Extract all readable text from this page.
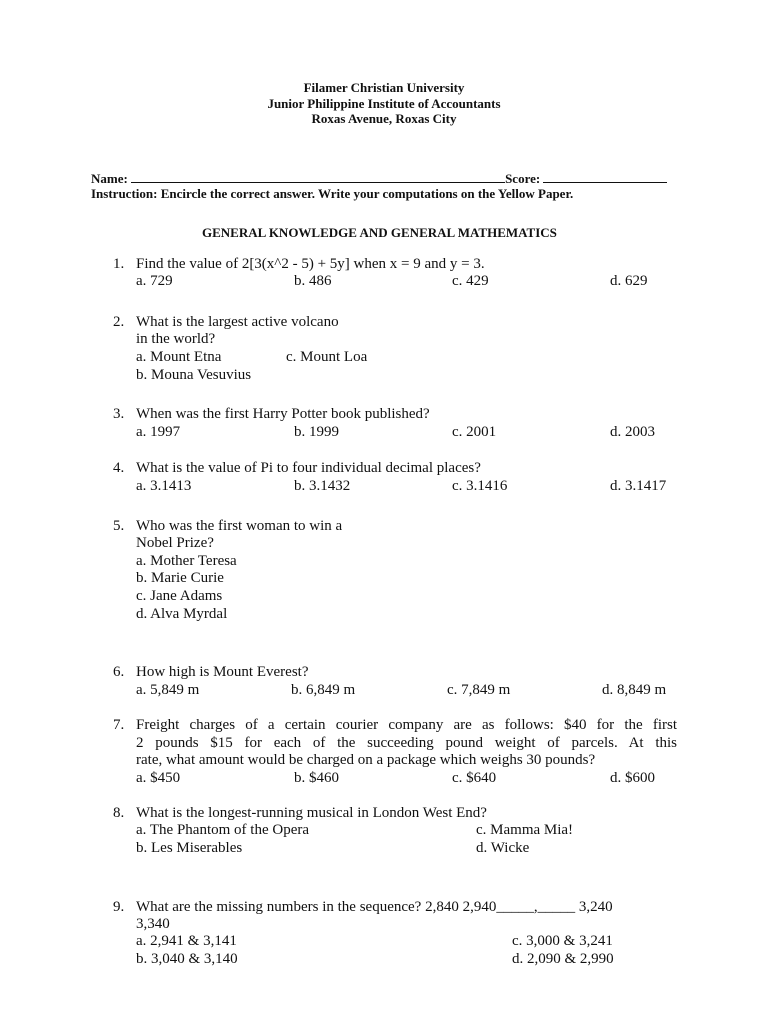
Filamer Christian University
Junior Philippine Institute of Accountants
Roxas Avenue, Roxas City
Name:	Score:
Instruction: Encircle the correct answer. Write your computations on the Yellow Paper.
GENERAL KNOWLEDGE AND GENERAL MATHEMATICS
1. Find the value of 2[3(x^2 - 5) + 5y] when x = 9 and y = 3.
a. 729	b. 486	c. 429	d. 629
2. What is the largest active volcano
in the world?
a. Mount Etna	c. Mount Loa
b. Mouna Vesuvius
3. When was the first Harry Potter book published?
a. 1997	b. 1999	c. 2001	d. 2003
4. What is the value of Pi to four individual decimal places?
a. 3.1413	b. 3.1432	c. 3.1416	d. 3.1417
5. Who was the first woman to win a
Nobel Prize?
a. Mother Teresa
b. Marie Curie
c. Jane Adams
d. Alva Myrdal
6. How high is Mount Everest?
a. 5,849 m	b. 6,849 m	c. 7,849 m	d. 8,849 m
7. Freight charges of a certain courier company are as follows: $40 for the first
2 pounds $15 for each of the succeeding pound weight of parcels. At this
rate, what amount would be charged on a package which weighs 30 pounds?
a. $450	b. $460	c. $640	d. $600
8. What is the longest-running musical in London West End?
a. The Phantom of the Opera	c. Mamma Mia!
b. Les Miserables	d. Wicke
9. What are the missing numbers in the sequence? 2,840 2,940_____,_____ 3,240
3,340
a. 2,941 & 3,141	c. 3,000 & 3,241
b. 3,040 & 3,140	d. 2,090 & 2,990
